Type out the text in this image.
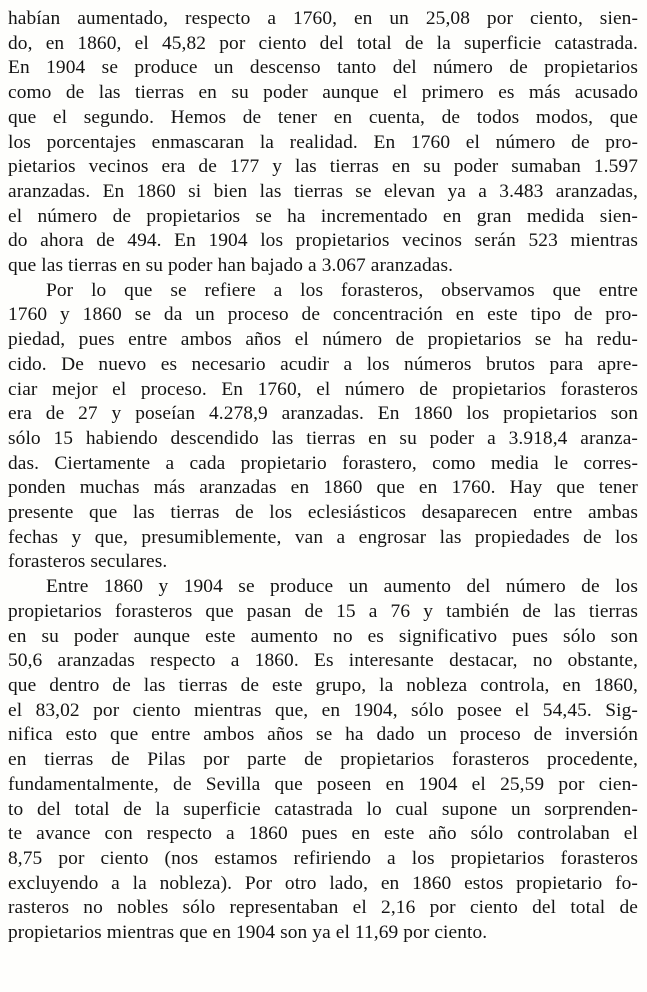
habían aumentado, respecto a 1760, en un 25,08 por ciento, sien-
do, en 1860, el 45,82 por ciento del total de la superficie catastrada.
En 1904 se produce un descenso tanto del número de propietarios
como de las tierras en su poder aunque el primero es más acusado
que el segundo. Hemos de tener en cuenta, de todos modos, que
los porcentajes enmascaran la realidad. En 1760 el número de pro-
pietarios vecinos era de 177 y las tierras en su poder sumaban 1.597
aranzadas. En 1860 si bien las tierras se elevan ya a 3.483 aranzadas,
el número de propietarios se ha incrementado en gran medida sien-
do ahora de 494. En 1904 los propietarios vecinos serán 523 mientras
que las tierras en su poder han bajado a 3.067 aranzadas.
Por lo que se refiere a los forasteros, observamos que entre
1760 y 1860 se da un proceso de concentración en este tipo de pro-
piedad, pues entre ambos años el número de propietarios se ha redu-
cido. De nuevo es necesario acudir a los números brutos para apre-
ciar mejor el proceso. En 1760, el número de propietarios forasteros
era de 27 y poseían 4.278,9 aranzadas. En 1860 los propietarios son
sólo 15 habiendo descendido las tierras en su poder a 3.918,4 aranza-
das. Ciertamente a cada propietario forastero, como media le corres-
ponden muchas más aranzadas en 1860 que en 1760. Hay que tener
presente que las tierras de los eclesiásticos desaparecen entre ambas
fechas y que, presumiblemente, van a engrosar las propiedades de los
forasteros seculares.
Entre 1860 y 1904 se produce un aumento del número de los
propietarios forasteros que pasan de 15 a 76 y también de las tierras
en su poder aunque este aumento no es significativo pues sólo son
50,6 aranzadas respecto a 1860. Es interesante destacar, no obstante,
que dentro de las tierras de este grupo, la nobleza controla, en 1860,
el 83,02 por ciento mientras que, en 1904, sólo posee el 54,45. Sig-
nifica esto que entre ambos años se ha dado un proceso de inversión
en tierras de Pilas por parte de propietarios forasteros procedente,
fundamentalmente, de Sevilla que poseen en 1904 el 25,59 por cien-
to del total de la superficie catastrada lo cual supone un sorprenden-
te avance con respecto a 1860 pues en este año sólo controlaban el
8,75 por ciento (nos estamos refiriendo a los propietarios forasteros
excluyendo a la nobleza). Por otro lado, en 1860 estos propietario fo-
rasteros no nobles sólo representaban el 2,16 por ciento del total de
propietarios mientras que en 1904 son ya el 11,69 por ciento.
